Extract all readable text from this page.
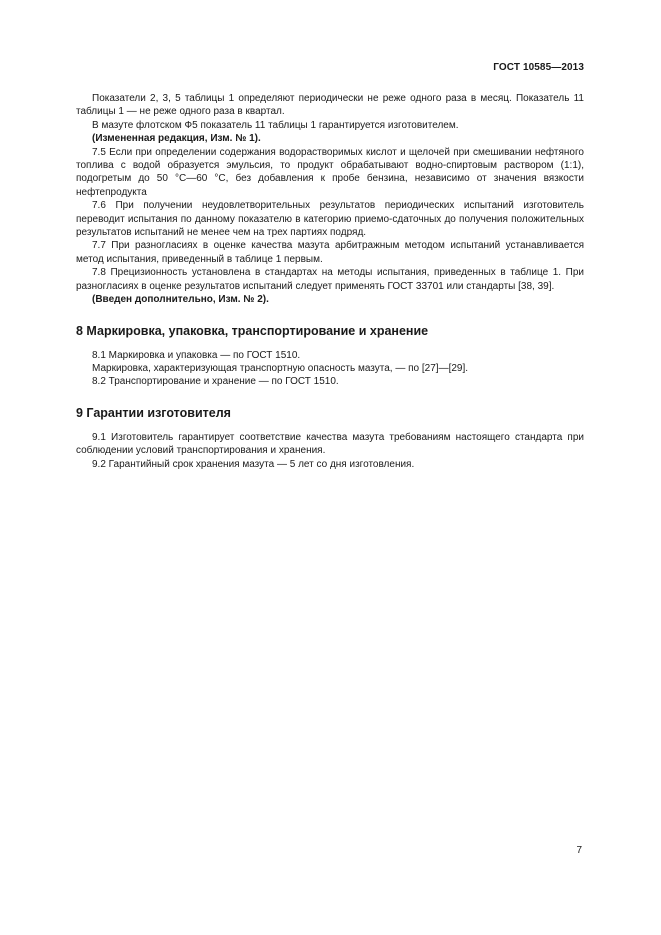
ГОСТ 10585—2013

Показатели 2, 3, 5 таблицы 1 определяют периодически не реже одного раза в месяц. Показатель 11 таблицы 1 — не реже одного раза в квартал.

В мазуте флотском Ф5 показатель 11 таблицы 1 гарантируется изготовителем.

(Измененная редакция, Изм. № 1).

7.5 Если при определении содержания водорастворимых кислот и щелочей при смешивании нефтяного топлива с водой образуется эмульсия, то продукт обрабатывают водно-спиртовым раствором (1:1), подогретым до 50 °C—60 °C, без добавления к пробе бензина, независимо от значения вязкости нефтепродукта

7.6 При получении неудовлетворительных результатов периодических испытаний изготовитель переводит испытания по данному показателю в категорию приемо-сдаточных до получения положительных результатов испытаний не менее чем на трех партиях подряд.

7.7 При разногласиях в оценке качества мазута арбитражным методом испытаний устанавливается метод испытания, приведенный в таблице 1 первым.

7.8 Прецизионность установлена в стандартах на методы испытания, приведенных в таблице 1. При разногласиях в оценке результатов испытаний следует применять ГОСТ 33701 или стандарты [38, 39].

(Введен дополнительно, Изм. № 2).

8 Маркировка, упаковка, транспортирование и хранение

8.1 Маркировка и упаковка — по ГОСТ 1510.

Маркировка, характеризующая транспортную опасность мазута, — по [27]—[29].

8.2 Транспортирование и хранение — по ГОСТ 1510.

9 Гарантии изготовителя

9.1 Изготовитель гарантирует соответствие качества мазута требованиям настоящего стандарта при соблюдении условий транспортирования и хранения.

9.2 Гарантийный срок хранения мазута — 5 лет со дня изготовления.

7
